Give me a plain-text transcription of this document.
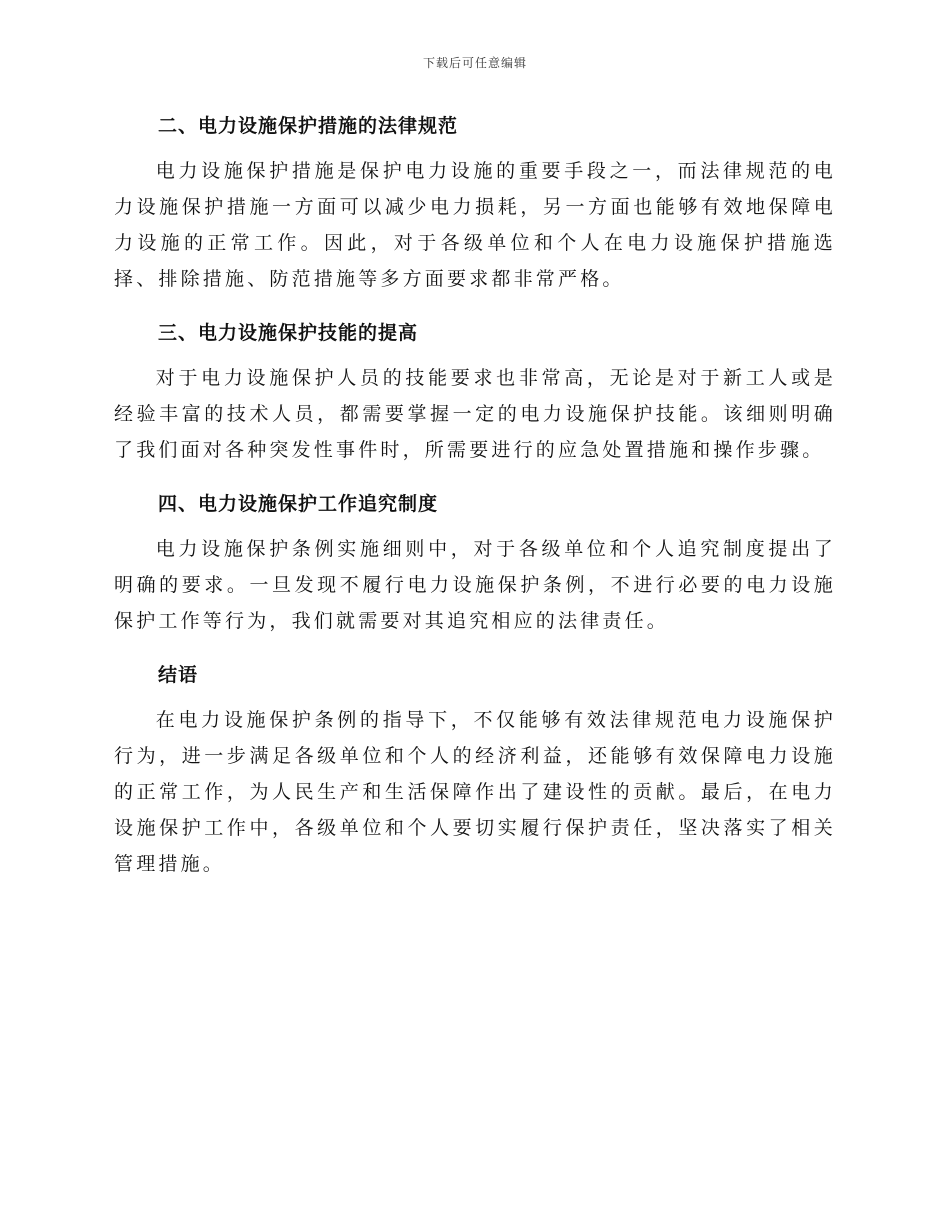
下载后可任意编辑
二、电力设施保护措施的法律规范

电力设施保护措施是保护电力设施的重要手段之一，而法律规范的电力设施保护措施一方面可以减少电力损耗，另一方面也能够有效地保障电力设施的正常工作。因此，对于各级单位和个人在电力设施保护措施选择、排除措施、防范措施等多方面要求都非常严格。

三、电力设施保护技能的提高

对于电力设施保护人员的技能要求也非常高，无论是对于新工人或是经验丰富的技术人员，都需要掌握一定的电力设施保护技能。该细则明确了我们面对各种突发性事件时，所需要进行的应急处置措施和操作步骤。

四、电力设施保护工作追究制度

电力设施保护条例实施细则中，对于各级单位和个人追究制度提出了明确的要求。一旦发现不履行电力设施保护条例，不进行必要的电力设施保护工作等行为，我们就需要对其追究相应的法律责任。

结语

在电力设施保护条例的指导下，不仅能够有效法律规范电力设施保护行为，进一步满足各级单位和个人的经济利益，还能够有效保障电力设施的正常工作，为人民生产和生活保障作出了建设性的贡献。最后，在电力设施保护工作中，各级单位和个人要切实履行保护责任，坚决落实了相关管理措施。
